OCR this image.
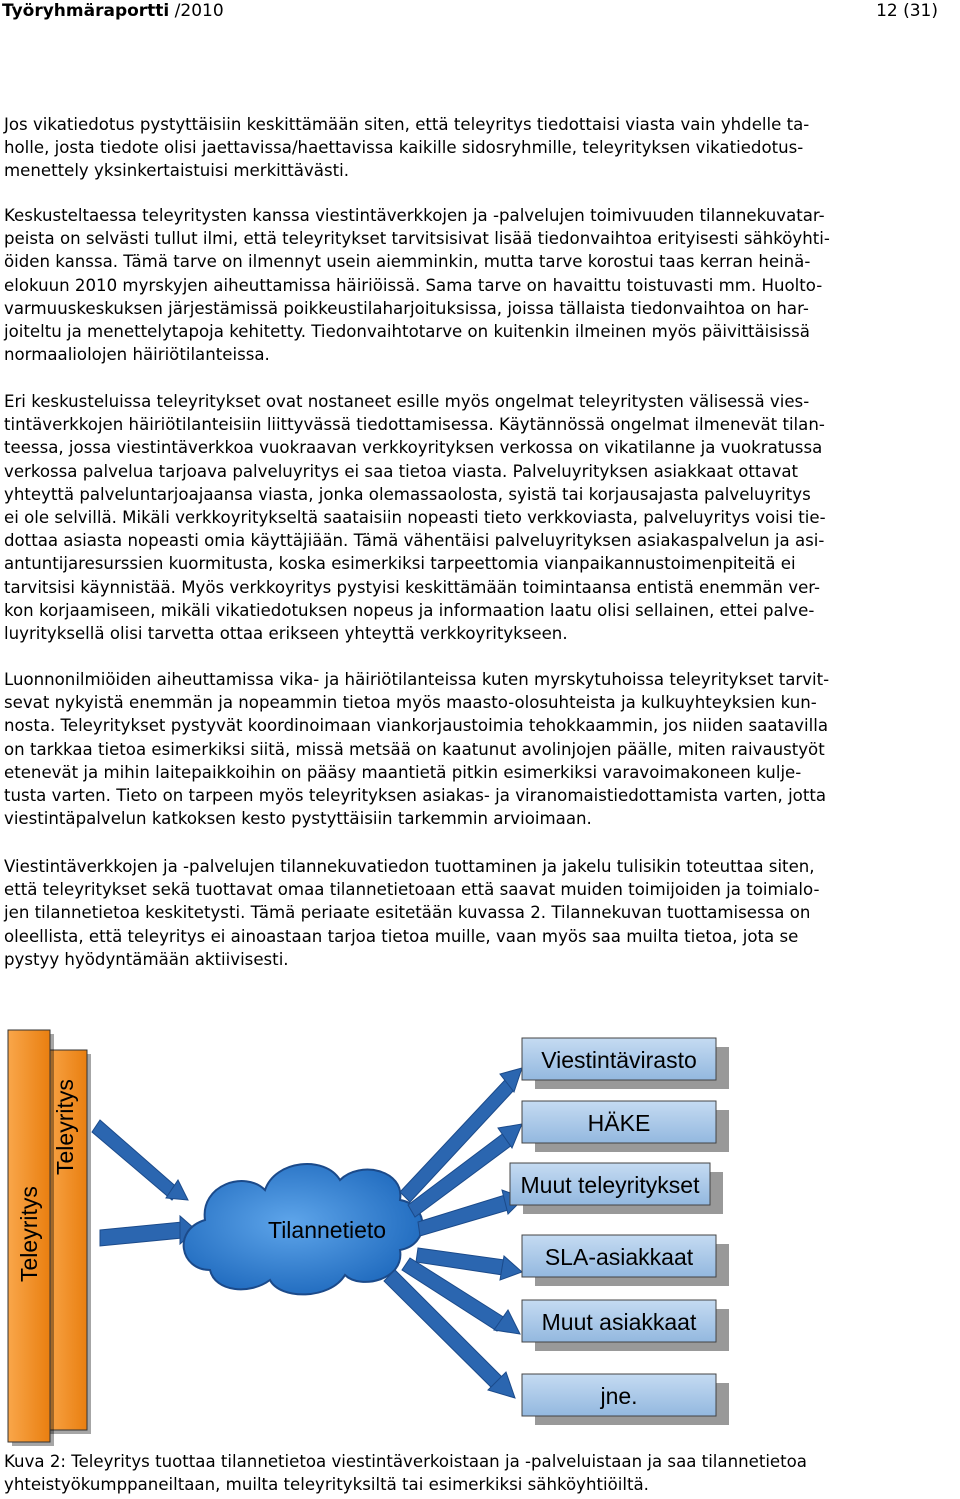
Työryhmäraportti /2010	12 (31)

Jos vikatiedotus pystyttäisiin keskittämään siten, että teleyritys tiedottaisi viasta vain yhdelle ta-
holle, josta tiedote olisi jaettavissa/haettavissa kaikille sidosryhmille, teleyrityksen vikatiedotus-
menettely yksinkertaistuisi merkittävästi.

Keskusteltaessa teleyritysten kanssa viestintäverkkojen ja -palvelujen toimivuuden tilannekuvatar-
peista on selvästi tullut ilmi, että teleyritykset tarvitsisivat lisää tiedonvaihtoa erityisesti sähköyhti-
öiden kanssa. Tämä tarve on ilmennyt usein aiemminkin, mutta tarve korostui taas kerran heinä-
elokuun 2010 myrskyjen aiheuttamissa häiriöissä. Sama tarve on havaittu toistuvasti mm. Huolto-
varmuuskeskuksen järjestämissä poikkeustilaharjoituksissa, joissa tällaista tiedonvaihtoa on har-
joiteltu ja menettelytapoja kehitetty. Tiedonvaihtotarve on kuitenkin ilmeinen myös päivittäisissä
normaaliolojen häiriötilanteissa.

Eri keskusteluissa teleyritykset ovat nostaneet esille myös ongelmat teleyritysten välisessä vies-
tintäverkkojen häiriötilanteisiin liittyvässä tiedottamisessa. Käytännössä ongelmat ilmenevät tilan-
teessa, jossa viestintäverkkoa vuokraavan verkkoyrityksen verkossa on vikatilanne ja vuokratussa
verkossa palvelua tarjoava palveluyritys ei saa tietoa viasta. Palveluyrityksen asiakkaat ottavat
yhteyttä palveluntarjoajaansa viasta, jonka olemassaolosta, syistä tai korjausajasta palveluyritys
ei ole selvillä. Mikäli verkkoyritykseltä saataisiin nopeasti tieto verkkoviasta, palveluyritys voisi tie-
dottaa asiasta nopeasti omia käyttäjiään. Tämä vähentäisi palveluyrityksen asiakaspalvelun ja asi-
antuntijaresurssien kuormitusta, koska esimerkiksi tarpeettomia vianpaikannustoimenpiteitä ei
tarvitsisi käynnistää. Myös verkkoyritys pystyisi keskittämään toimintaansa entistä enemmän ver-
kon korjaamiseen, mikäli vikatiedotuksen nopeus ja informaation laatu olisi sellainen, ettei palve-
luyrityksellä olisi tarvetta ottaa erikseen yhteyttä verkkoyritykseen.

Luonnonilmiöiden aiheuttamissa vika- ja häiriötilanteissa kuten myrskytuhoissa teleyritykset tarvit-
sevat nykyistä enemmän ja nopeammin tietoa myös maasto-olosuhteista ja kulkuyhteyksien kun-
nosta. Teleyritykset pystyvät koordinoimaan viankorjaustoimia tehokkaammin, jos niiden saatavilla
on tarkkaa tietoa esimerkiksi siitä, missä metsää on kaatunut avolinjojen päälle, miten raivaustyöt
etenevät ja mihin laitepaikkoihin on pääsy maantietä pitkin esimerkiksi varavoimakoneen kulje-
tusta varten. Tieto on tarpeen myös teleyrityksen asiakas- ja viranomaistiedottamista varten, jotta
viestintäpalvelun katkoksen kesto pystyttäisiin tarkemmin arvioimaan.

Viestintäverkkojen ja -palvelujen tilannekuvatiedon tuottaminen ja jakelu tulisikin toteuttaa siten,
että teleyritykset sekä tuottavat omaa tilannetietoaan että saavat muiden toimijoiden ja toimialo-
jen tilannetietoa keskitetysti. Tämä periaate esitetään kuvassa 2. Tilannekuvan tuottamisessa on
oleellista, että teleyritys ei ainoastaan tarjoa tietoa muille, vaan myös saa muilta tietoa, jota se
pystyy hyödyntämään aktiivisesti.

Teleyritys
Teleyritys	Tilannetieto
Viestintävirasto
HÄKE
Muut teleyritykset
SLA-asiakkaat
Muut asiakkaat
jne.

Kuva 2: Teleyritys tuottaa tilannetietoa viestintäverkoistaan ja -palveluistaan ja saa tilannetietoa
yhteistyökumppaneiltaan, muilta teleyrityksiltä tai esimerkiksi sähköyhtiöiltä.
